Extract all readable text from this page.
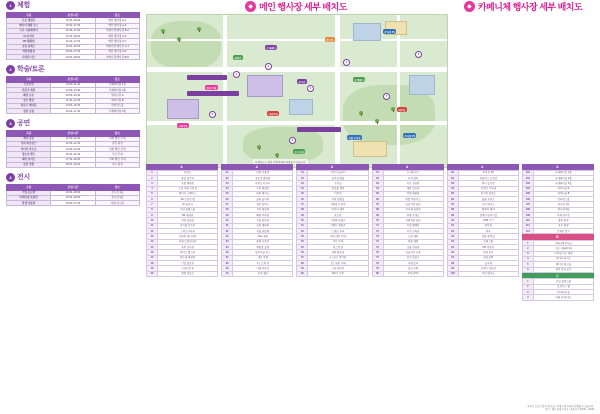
1 체험
구분	운영시간	장소
로봇 체험존	10:00~18:00	메인 행사장 A-1
메이커 체험 부스	10:00~17:30	메인 행사장 A-3
드론 시뮬레이터	10:30~17:00	카페니체 행사장 B-2
AI 놀이터	10:00~18:00	메인 행사장 A-5
VR 체험관	11:00~17:00	메인 행사장 A-7
코딩 클래스	13:00~16:00	카페니체 행사장 C-1
과학실험실	10:00~17:00	메인 행사장 A-9
디지털 아트	10:00~18:00	카페니체 행사장 B-5
2 학술/토론
구분	운영시간	장소
기조강연	10:00~11:30	국제회의실 1층
전문가 세션	13:00~14:30	국제회의실 2층
패널 토론	15:00~16:30	세미나실 A
연구 발표	11:00~12:30	세미나실 B
라운드 테이블	14:00~15:30	컨퍼런스홀
청년 포럼	16:00~17:30	국제회의실 3층
3 공연
구분	운영시간	장소
개막 공연	10:30~11:00	야외 메인 무대
거리 퍼포먼스	12:00~12:40	중앙 광장
미디어 아트쇼	14:00~14:40	야외 메인 무대
청소년 밴드	15:30~16:10	서브 무대
폐막 콘서트	17:00~18:00	야외 메인 무대
불꽃 연출	18:00~18:20	호수 광장
4 전시
구분	운영시간	장소
기업 홍보관	10:00~18:00	전시관 1홀
미래기술 특별전	10:00~18:00	전시관 2홀
학생 작품전	10:00~17:00	야외 전시존
◆ 메인 행사장 세부 배치도
1
2
3
4
5
6
7
8
메인 무대
안내센터
푸드존
주차장 P1
체험존
전시관
휴게쉼터
야외무대
어린이존
의무실
셔틀 승강장
주차장 P2
호수공원
※ 배치도는 현장 사정에 따라 변경될 수 있습니다
◆ 카페니체 행사장 세부 배치도
A
1	안내소
2	종합 접수처
3	로봇 체험존
4	드론 비행 시연장
5	메이커 스페이스
6	3D 프린팅 랩
7	AI 놀이터
8	코딩 클래스룸
9	VR 체험관
10	과학 실험실
11	디지털 아트존
12	스마트시티관
13	친환경 에너지관
14	미래 모빌리티관
15	우주 탐사관
16	바이오 헬스관
17	반도체 체험관
18	기업 홍보관
19	스타트업 존
20	창업 상담소
A
21	학생 작품전
22	청소년 발명관
23	과학도서 전시
24	수학 체험존
25	화학 매직쇼
26	물리 놀이터
27	천문 관측소
28	기상 체험관
29	해양 과학관
30	지질 표본관
31	곤충 생태관
32	식물 관찰원
33	Tree 체험
34	환경 교육장
35	재활용 공방
36	업사이클 부스
37	에코 마켓
38	푸드트럭 존
39	카페 라운지
40	휴게 쉼터
A
41	어린이 놀이터
42	유아 휴게실
43	수유실
44	분실물 센터
45	의무실
46	안전 상황실
47	자원봉사 본부
48	미디어 센터
49	포토존
50	기념품 판매소
51	이벤트 경품존
52	스탬프 투어
53	야외 메인 무대
54	서브 무대
55	버스킹 존
56	체육 활동장
57	e스포츠 경기장
58	보드게임 카페
59	드론 레이싱
60	RC카 트랙
A
61	도서관 부스
62	독서 쉼터
63	진로 상담관
64	대학 입시관
65	직업 체험관
66	취업 지원 부스
67	공공기관 홍보
68	지자체 홍보관
69	관광 안내소
70	자원순환 홍보
71	헌혈 캠페인
72	안전 교육장
73	소방 체험
74	경찰 체험
75	교통 안전관
76	응급처치 교육
77	보건 상담소
78	화장실 A
79	흡연 구역
80	주차장 P1
A
81	주차장 P2
82	셔틀버스 승강장
83	택시 승강장
84	자전거 거치대
85	전기차 충전소
86	물품 보관소
87	우산 대여소
88	휠체어 대여
89	장애인 편의시설
90	ATM 기기
91	편의점
92	약국
93	방송 중계실
94	프레스룸
95	VIP 라운지
96	운영 본부
97	화장실 B
98	급수대
99	쓰레기 집하장
100	비상 대피소
A
101	국제회의실 1층
102	국제회의실 2층
103	국제회의실 3층
104	세미나실 A
105	세미나실 B
106	컨퍼런스홀
107	전시관 1홀
108	전시관 2홀
109	야외 전시존
110	중앙 광장
111	호수 광장
112	산책로 입구
B
1	카페니체 안내소
2	드론 시뮬레이터
3	디지털 아트 체험
4	미디어 파사드
5	메이커 워크숍
6	청년 창작 공간
C
1	코딩 클래스룸
2	로보틱스 랩
3	AI 세미나실
4	야외 휴게 데크
※ 상기 프로그램 및 배치도는 운영 사정에 따라 변경될 수 있습니다.
문의 : 행사 운영 사무국 / 운영시간 10:00 ~ 18:00
